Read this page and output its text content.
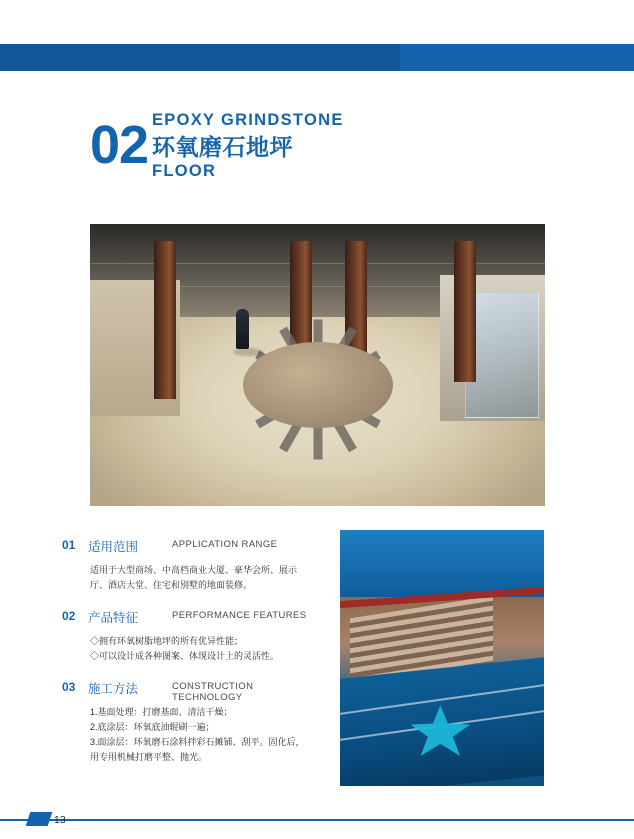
02 EPOXY GRINDSTONE
环氧磨石地坪
FLOOR
01 适用范围	APPLICATION RANGE
适用于大型商场、中高档商业大厦、豪华会所、展示
厅、酒店大堂、住宅和别墅的地面装修。
02 产品特征	PERFORMANCE FEATURES
◇拥有环氧树脂地坪的所有优异性能；
◇可以设计成各种图案、体现设计上的灵活性。
03 施工方法	CONSTRUCTION TECHNOLOGY
1.基面处理：打磨基面、清洁干燥；
2.底涂层：环氧底油辊刷一遍；
3.面涂层：环氧磨石涂料拌彩石摊铺、刮平。固化后，
用专用机械打磨平整、抛光。
13
